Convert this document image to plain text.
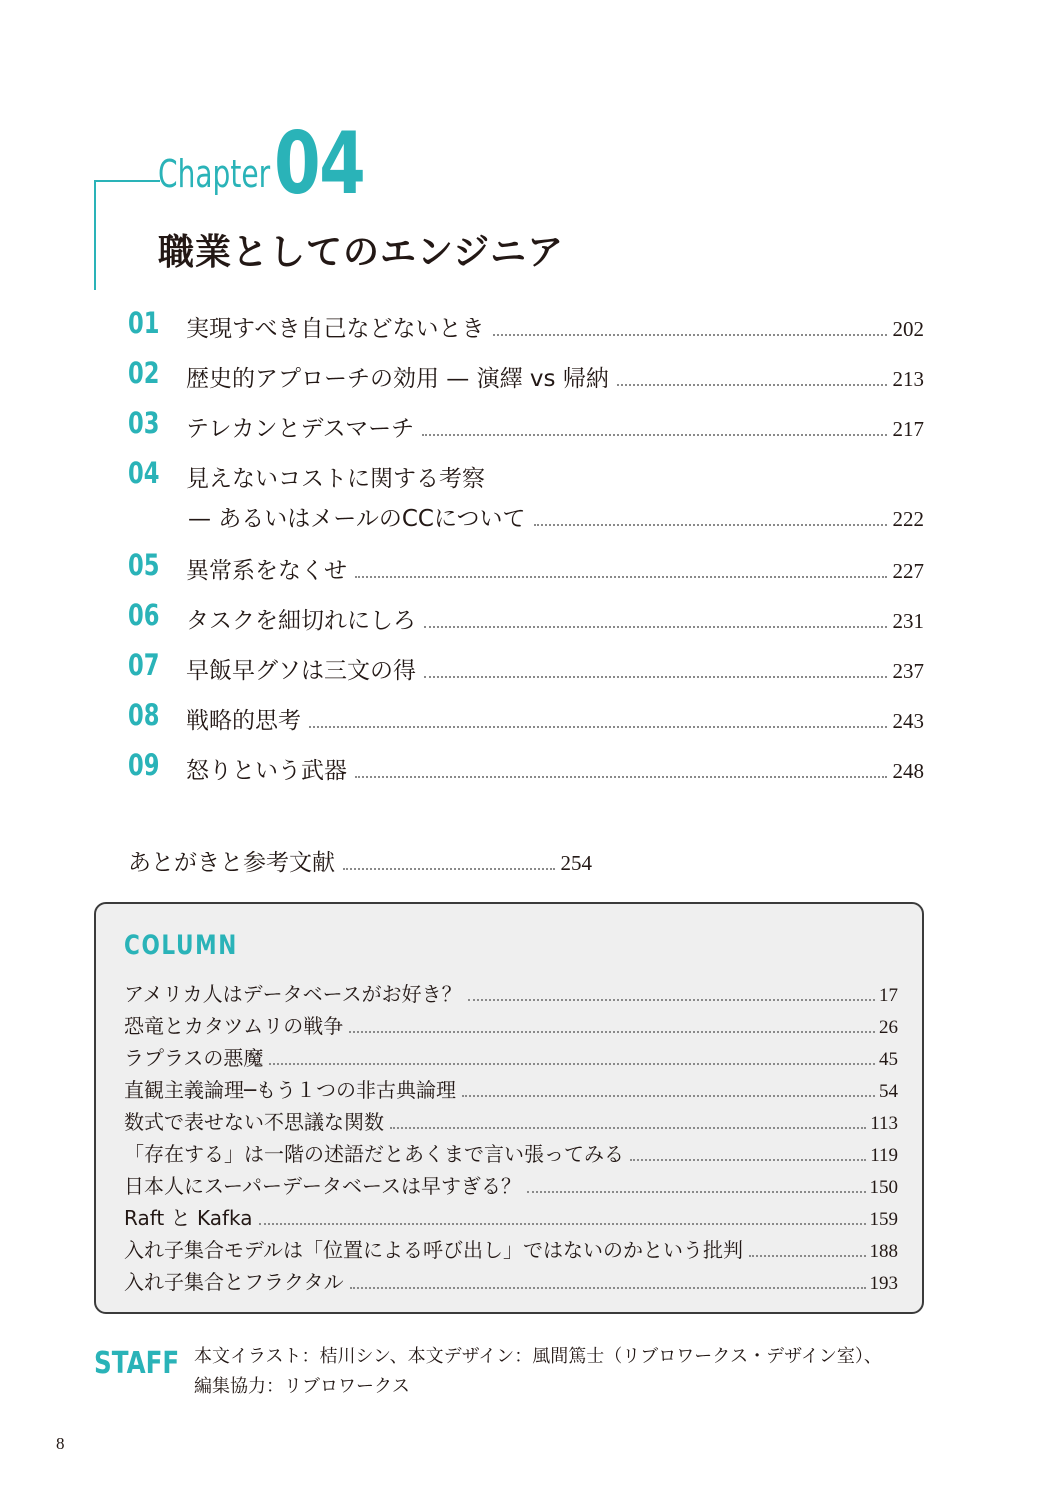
Chapter 04
職業としてのエンジニア
01	実現すべき自己などないとき	202
02	歴史的アプローチの効用 — 演繹 vs 帰納	213
03	テレカンとデスマーチ	217
04	見えないコストに関する考察
— あるいはメールのCCについて	222
05	異常系をなくせ	227
06	タスクを細切れにしろ	231
07	早飯早グソは三文の得	237
08	戦略的思考	243
09	怒りという武器	248
あとがきと参考文献	254
COLUMN
アメリカ人はデータベースがお好き？	17
恐竜とカタツムリの戦争	26
ラプラスの悪魔	45
直観主義論理─もう１つの非古典論理	54
数式で表せない不思議な関数	113
「存在する」は一階の述語だとあくまで言い張ってみる	119
日本人にスーパーデータベースは早すぎる？	150
Raft と Kafka	159
入れ子集合モデルは「位置による呼び出し」ではないのかという批判	188
入れ子集合とフラクタル	193
STAFF 本文イラスト：桔川シン、本文デザイン：風間篤士（リブロワークス・デザイン室）、
編集協力：リブロワークス
8
